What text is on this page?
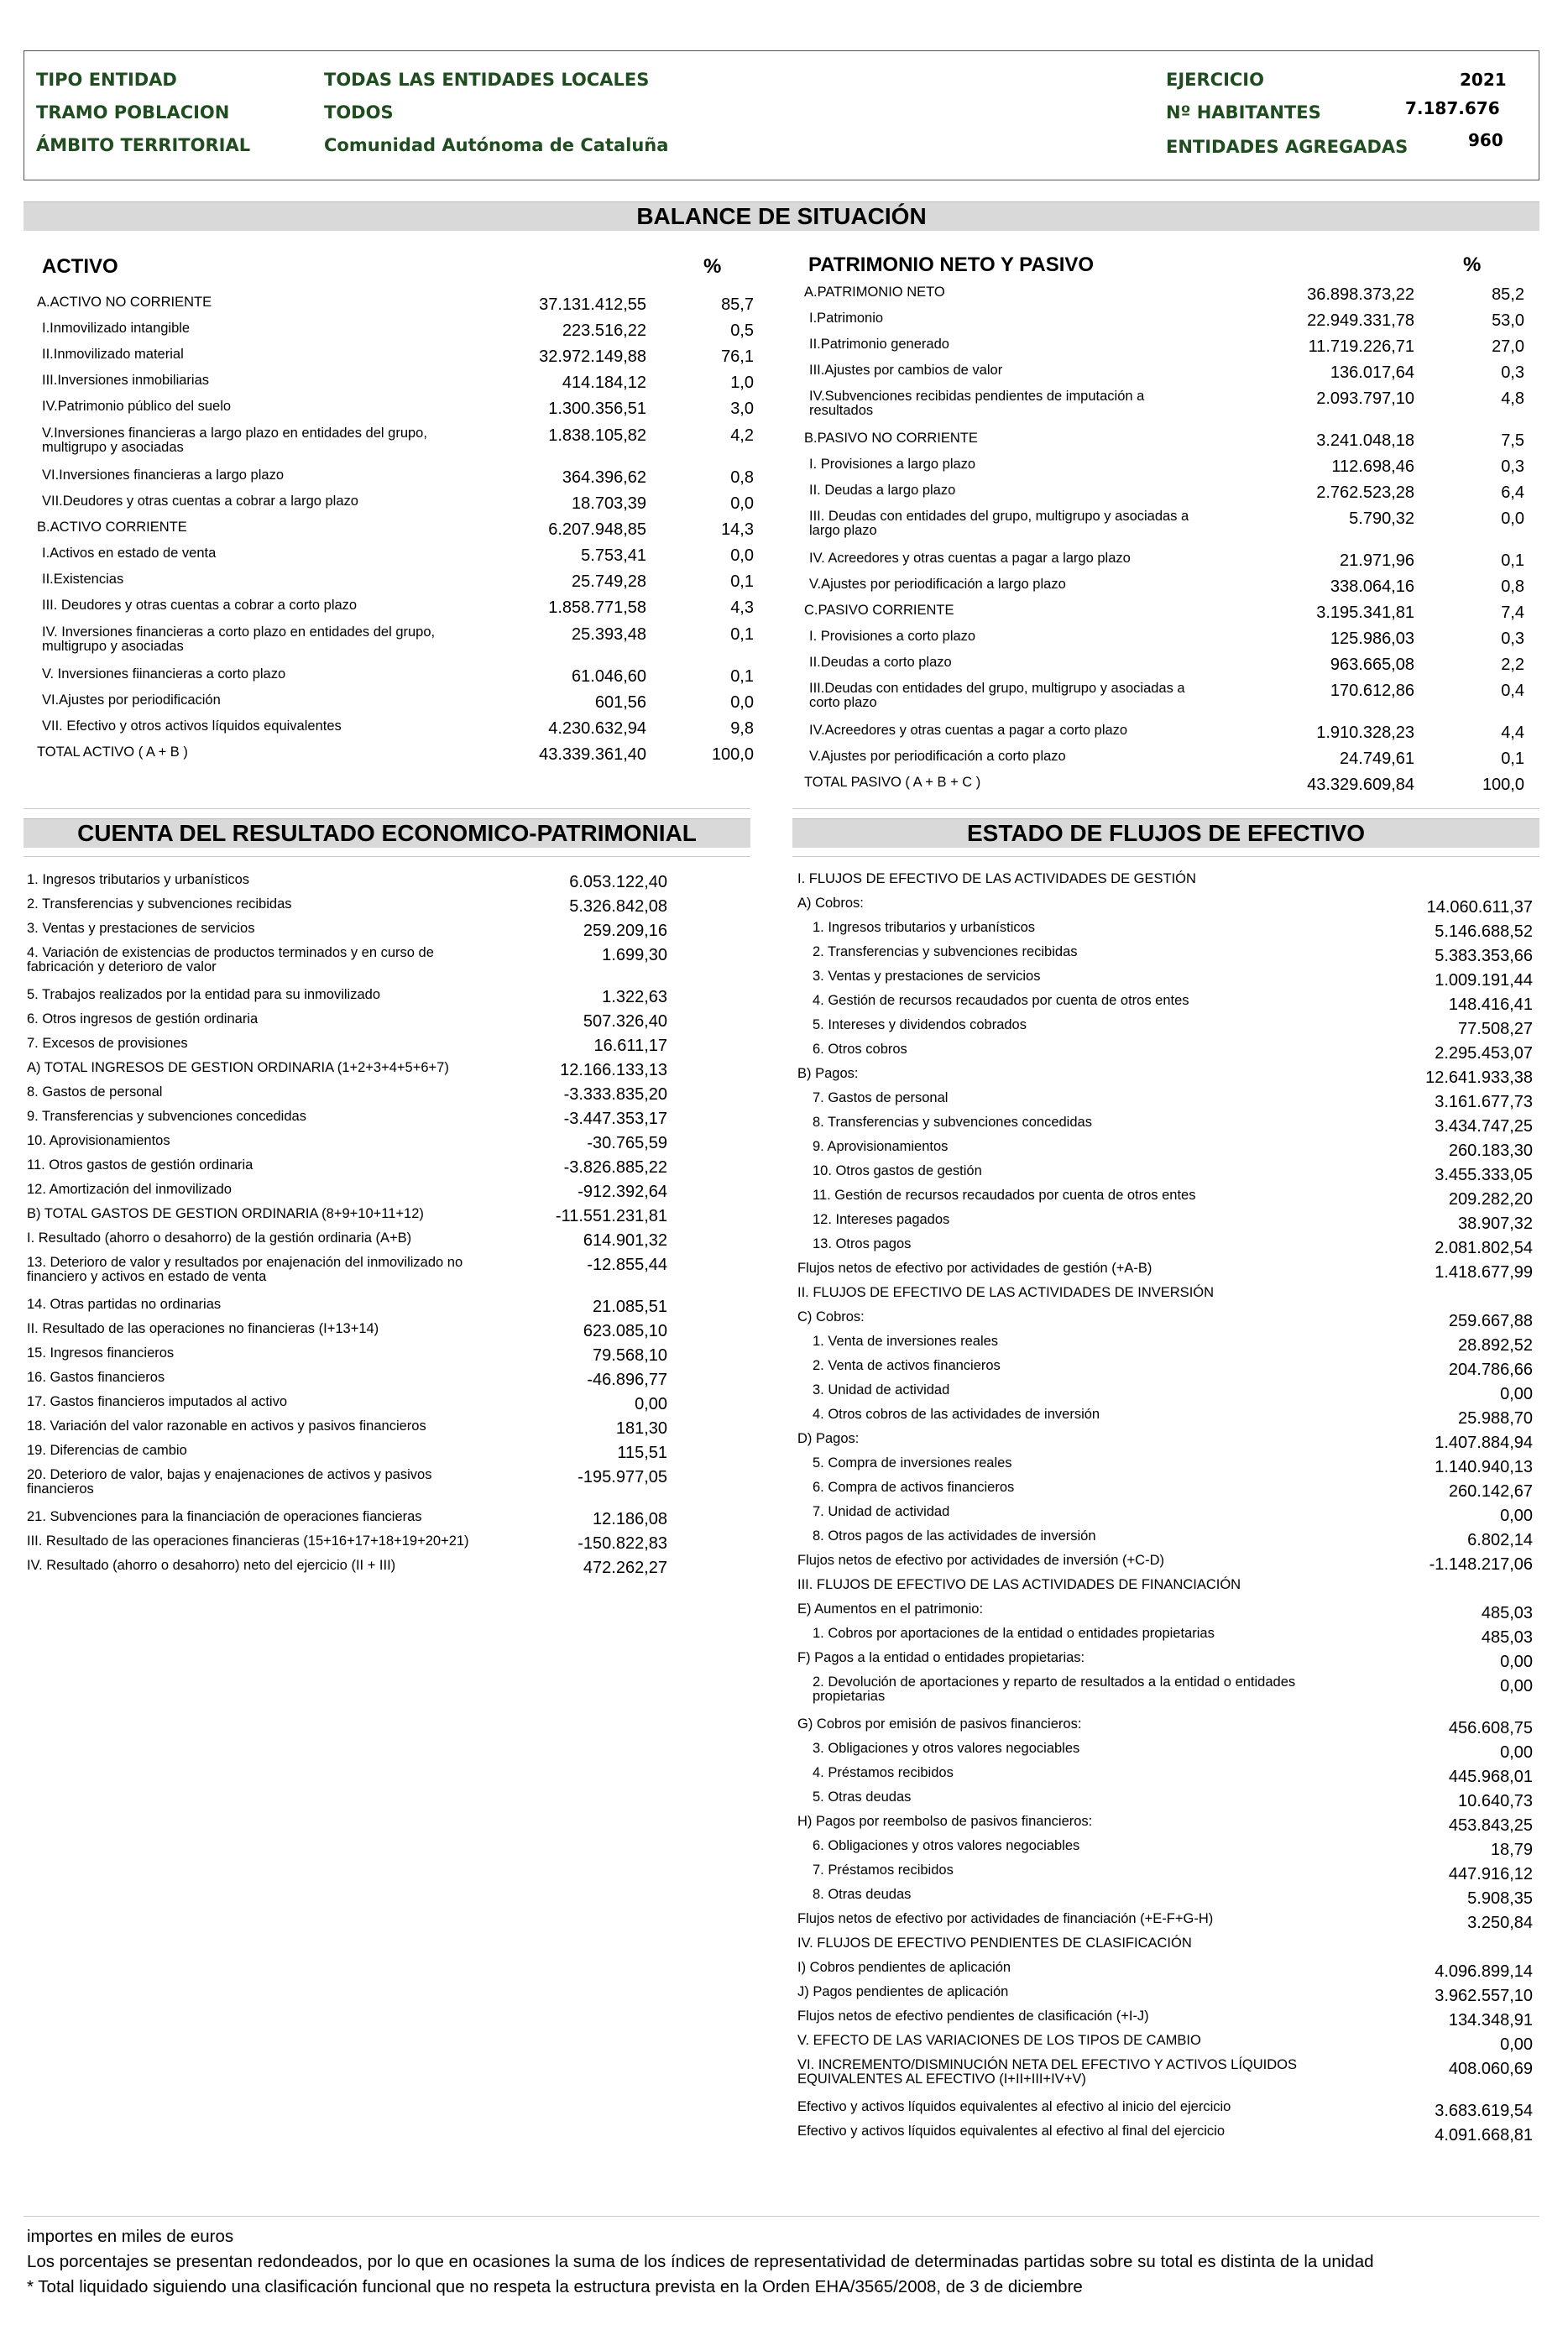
TIPO ENTIDAD	TODAS LAS ENTIDADES LOCALES
TRAMO POBLACION	TODOS
ÁMBITO TERRITORIAL	Comunidad Autónoma de Cataluña
EJERCICIO	2021
Nº HABITANTES	7.187.676
ENTIDADES AGREGADAS	960
BALANCE DE SITUACIÓN
ACTIVO	%	PATRIMONIO NETO Y PASIVO	%
CUENTA DEL RESULTADO ECONOMICO-PATRIMONIAL	ESTADO DE FLUJOS DE EFECTIVO
importes en miles de euros
Los porcentajes se presentan redondeados, por lo que en ocasiones la suma de los índices de representatividad de determinadas partidas sobre su total es distinta de la unidad
* Total liquidado siguiendo una clasificación funcional que no respeta la estructura prevista en la Orden EHA/3565/2008, de 3 de diciembre
A.ACTIVO NO CORRIENTE	37.131.412,55	85,7
I.Inmovilizado intangible	223.516,22	0,5
II.Inmovilizado material	32.972.149,88	76,1
III.Inversiones inmobiliarias	414.184,12	1,0
IV.Patrimonio público del suelo	1.300.356,51	3,0
V.Inversiones financieras a largo plazo en entidades del grupo, multigrupo y asociadas
1.838.105,82	4,2
VI.Inversiones financieras a largo plazo	364.396,62	0,8
VII.Deudores y otras cuentas a cobrar a largo plazo	18.703,39	0,0
B.ACTIVO CORRIENTE	6.207.948,85	14,3
I.Activos en estado de venta	5.753,41	0,0
II.Existencias	25.749,28	0,1
III. Deudores y otras cuentas a cobrar a corto plazo	1.858.771,58	4,3
IV. Inversiones financieras a corto plazo en entidades del grupo, multigrupo y asociadas
25.393,48	0,1
V. Inversiones fiinancieras a corto plazo	61.046,60	0,1
VI.Ajustes por periodificación	601,56	0,0
VII. Efectivo y otros activos líquidos equivalentes	4.230.632,94	9,8
TOTAL ACTIVO ( A + B )	43.339.361,40	100,0
A.PATRIMONIO NETO	36.898.373,22	85,2
I.Patrimonio	22.949.331,78	53,0
II.Patrimonio generado	11.719.226,71	27,0
III.Ajustes por cambios de valor	136.017,64	0,3
IV.Subvenciones recibidas pendientes de imputación a resultados
2.093.797,10	4,8
B.PASIVO NO CORRIENTE	3.241.048,18	7,5
I. Provisiones a largo plazo	112.698,46	0,3
II. Deudas a largo plazo	2.762.523,28	6,4
III. Deudas con entidades del grupo, multigrupo y asociadas a largo plazo
5.790,32	0,0
IV. Acreedores y otras cuentas a pagar a largo plazo	21.971,96	0,1
V.Ajustes por periodificación a largo plazo	338.064,16	0,8
C.PASIVO CORRIENTE	3.195.341,81	7,4
I. Provisiones a corto plazo	125.986,03	0,3
II.Deudas a corto plazo	963.665,08	2,2
III.Deudas con entidades del grupo, multigrupo y asociadas a corto plazo
170.612,86	0,4
IV.Acreedores y otras cuentas a pagar a corto plazo	1.910.328,23	4,4
V.Ajustes por periodificación a corto plazo	24.749,61	0,1
TOTAL PASIVO ( A + B + C )	43.329.609,84	100,0
1. Ingresos tributarios y urbanísticos	6.053.122,40
2. Transferencias y subvenciones recibidas	5.326.842,08
3. Ventas y prestaciones de servicios	259.209,16
4. Variación de existencias de productos terminados y en curso de fabricación y deterioro de valor
1.699,30
5. Trabajos realizados por la entidad para su inmovilizado	1.322,63
6. Otros ingresos de gestión ordinaria	507.326,40
7. Excesos de provisiones	16.611,17
A) TOTAL INGRESOS DE GESTION ORDINARIA (1+2+3+4+5+6+7)	12.166.133,13
8. Gastos de personal	-3.333.835,20
9. Transferencias y subvenciones concedidas	-3.447.353,17
10. Aprovisionamientos	-30.765,59
11. Otros gastos de gestión ordinaria	-3.826.885,22
12. Amortización del inmovilizado	-912.392,64
B) TOTAL GASTOS DE GESTION ORDINARIA (8+9+10+11+12)	-11.551.231,81
I. Resultado (ahorro o desahorro) de la gestión ordinaria (A+B)	614.901,32
13. Deterioro de valor y resultados por enajenación del inmovilizado no financiero y activos en estado de venta
-12.855,44
14. Otras partidas no ordinarias	21.085,51
II. Resultado de las operaciones no financieras (I+13+14)	623.085,10
15. Ingresos financieros	79.568,10
16. Gastos financieros	-46.896,77
17. Gastos financieros imputados al activo	0,00
18. Variación del valor razonable en activos y pasivos financieros	181,30
19. Diferencias de cambio	115,51
20. Deterioro de valor, bajas y enajenaciones de activos y pasivos financieros
-195.977,05
21. Subvenciones para la financiación de operaciones fiancieras	12.186,08
III. Resultado de las operaciones financieras (15+16+17+18+19+20+21)	-150.822,83
IV. Resultado (ahorro o desahorro) neto del ejercicio (II + III)	472.262,27
I. FLUJOS DE EFECTIVO DE LAS ACTIVIDADES DE GESTIÓN
A) Cobros:	14.060.611,37
1. Ingresos tributarios y urbanísticos	5.146.688,52
2. Transferencias y subvenciones recibidas	5.383.353,66
3. Ventas y prestaciones de servicios	1.009.191,44
4. Gestión de recursos recaudados por cuenta de otros entes	148.416,41
5. Intereses y dividendos cobrados	77.508,27
6. Otros cobros	2.295.453,07
B) Pagos:	12.641.933,38
7. Gastos de personal	3.161.677,73
8. Transferencias y subvenciones concedidas	3.434.747,25
9. Aprovisionamientos	260.183,30
10. Otros gastos de gestión	3.455.333,05
11. Gestión de recursos recaudados por cuenta de otros entes	209.282,20
12. Intereses pagados	38.907,32
13. Otros pagos	2.081.802,54
Flujos netos de efectivo por actividades de gestión (+A-B)	1.418.677,99
II. FLUJOS DE EFECTIVO DE LAS ACTIVIDADES DE INVERSIÓN
C) Cobros:	259.667,88
1. Venta de inversiones reales	28.892,52
2. Venta de activos financieros	204.786,66
3. Unidad de actividad	0,00
4. Otros cobros de las actividades de inversión	25.988,70
D) Pagos:	1.407.884,94
5. Compra de inversiones reales	1.140.940,13
6. Compra de activos financieros	260.142,67
7. Unidad de actividad	0,00
8. Otros pagos de las actividades de inversión	6.802,14
Flujos netos de efectivo por actividades de inversión (+C-D)	-1.148.217,06
III. FLUJOS DE EFECTIVO DE LAS ACTIVIDADES DE FINANCIACIÓN
E) Aumentos en el patrimonio:	485,03
1. Cobros por aportaciones de la entidad o entidades propietarias	485,03
F) Pagos a la entidad o entidades propietarias:	0,00
2. Devolución de aportaciones y reparto de resultados a la entidad o entidades propietarias
0,00
G) Cobros por emisión de pasivos financieros:	456.608,75
3. Obligaciones y otros valores negociables	0,00
4. Préstamos recibidos	445.968,01
5. Otras deudas	10.640,73
H) Pagos por reembolso de pasivos financieros:	453.843,25
6. Obligaciones y otros valores negociables	18,79
7. Préstamos recibidos	447.916,12
8. Otras deudas	5.908,35
Flujos netos de efectivo por actividades de financiación (+E-F+G-H)	3.250,84
IV. FLUJOS DE EFECTIVO PENDIENTES DE CLASIFICACIÓN
I) Cobros pendientes de aplicación	4.096.899,14
J) Pagos pendientes de aplicación	3.962.557,10
Flujos netos de efectivo pendientes de clasificación (+I-J)	134.348,91
V. EFECTO DE LAS VARIACIONES DE LOS TIPOS DE CAMBIO	0,00
VI. INCREMENTO/DISMINUCIÓN NETA DEL EFECTIVO Y ACTIVOS LÍQUIDOS EQUIVALENTES AL EFECTIVO (I+II+III+IV+V)
408.060,69
Efectivo y activos líquidos equivalentes al efectivo al inicio del ejercicio	3.683.619,54
Efectivo y activos líquidos equivalentes al efectivo al final del ejercicio	4.091.668,81
